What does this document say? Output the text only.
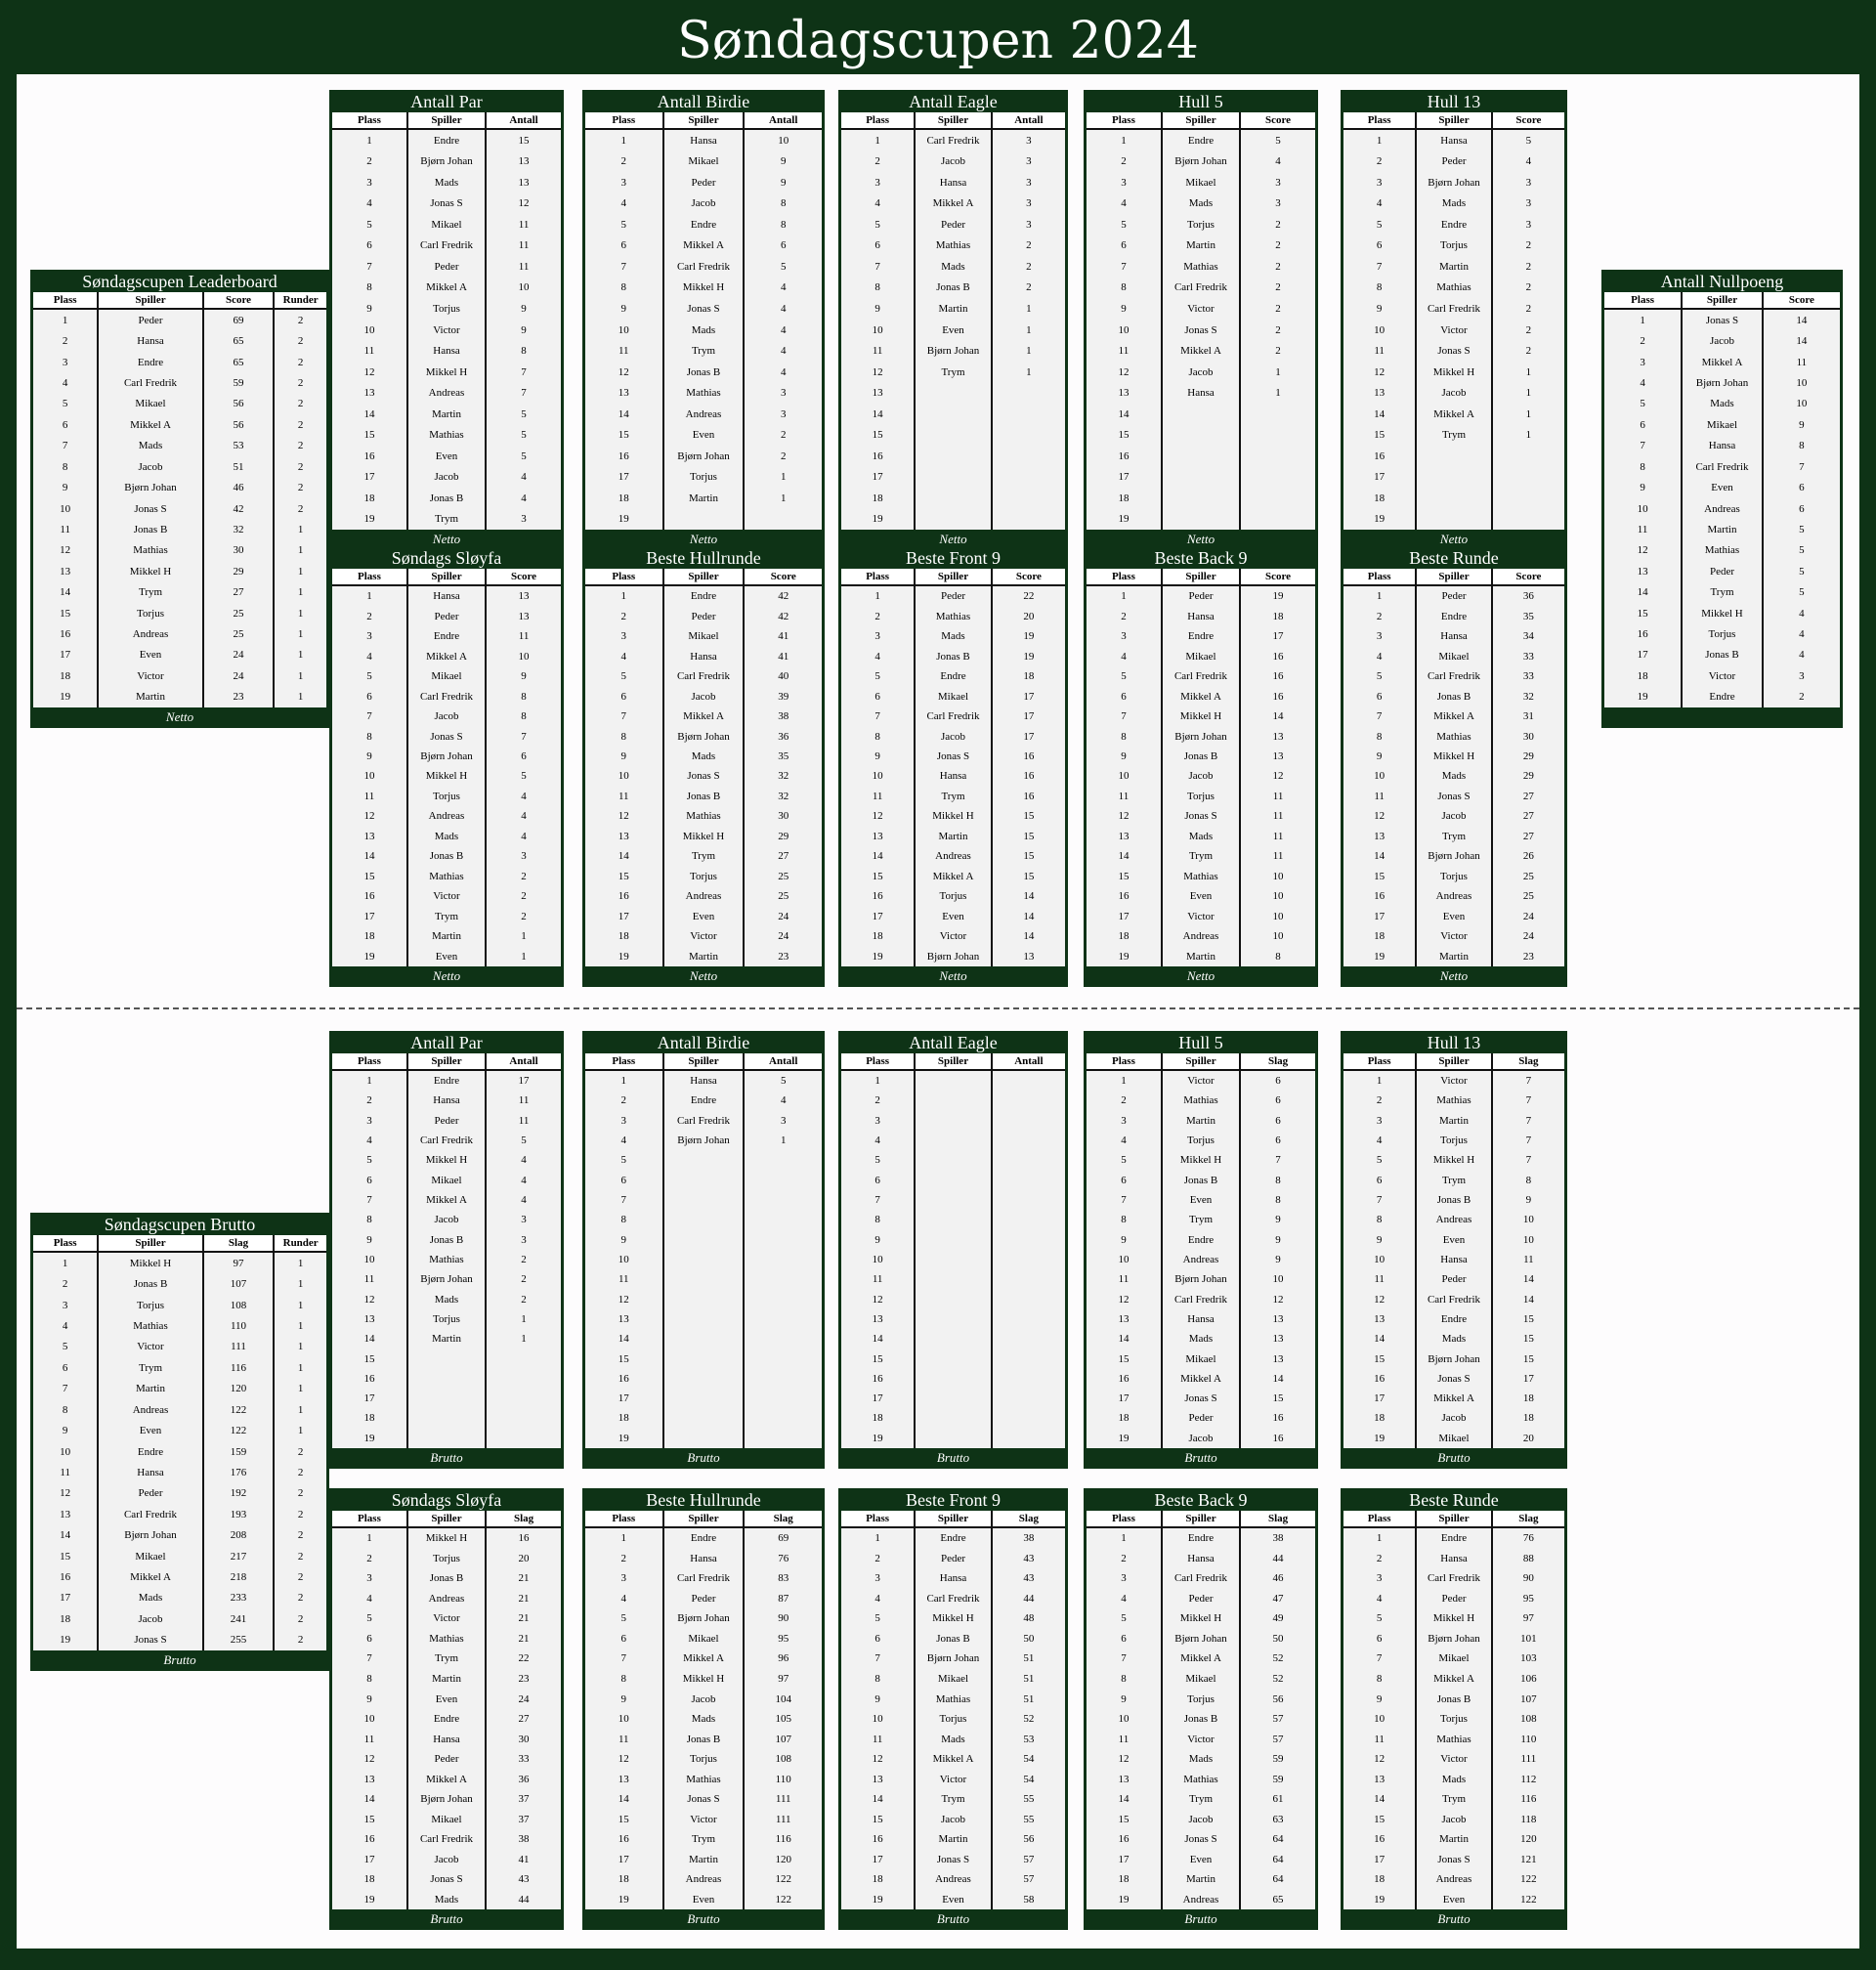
Søndagscupen 2024
Søndagscupen Leaderboard
Plass	Spiller	Score	Runder
1	Peder	69	2
2	Hansa	65	2
3	Endre	65	2
4	Carl Fredrik	59	2
5	Mikael	56	2
6	Mikkel A	56	2
7	Mads	53	2
8	Jacob	51	2
9	Bjørn Johan	46	2
10	Jonas S	42	2
11	Jonas B	32	1
12	Mathias	30	1
13	Mikkel H	29	1
14	Trym	27	1
15	Torjus	25	1
16	Andreas	25	1
17	Even	24	1
18	Victor	24	1
19	Martin	23	1
Netto
Antall Nullpoeng
Plass	Spiller	Score
1	Jonas S	14
2	Jacob	14
3	Mikkel A	11
4	Bjørn Johan	10
5	Mads	10
6	Mikael	9
7	Hansa	8
8	Carl Fredrik	7
9	Even	6
10	Andreas	6
11	Martin	5
12	Mathias	5
13	Peder	5
14	Trym	5
15	Mikkel H	4
16	Torjus	4
17	Jonas B	4
18	Victor	3
19	Endre	2
Antall Par
Plass	Spiller	Antall
1	Endre	15
2	Bjørn Johan	13
3	Mads	13
4	Jonas S	12
5	Mikael	11
6	Carl Fredrik	11
7	Peder	11
8	Mikkel A	10
9	Torjus	9
10	Victor	9
11	Hansa	8
12	Mikkel H	7
13	Andreas	7
14	Martin	5
15	Mathias	5
16	Even	5
17	Jacob	4
18	Jonas B	4
19	Trym	3
Netto
Antall Birdie
Plass	Spiller	Antall
1	Hansa	10
2	Mikael	9
3	Peder	9
4	Jacob	8
5	Endre	8
6	Mikkel A	6
7	Carl Fredrik	5
8	Mikkel H	4
9	Jonas S	4
10	Mads	4
11	Trym	4
12	Jonas B	4
13	Mathias	3
14	Andreas	3
15	Even	2
16	Bjørn Johan	2
17	Torjus	1
18	Martin	1
19
Netto
Antall Eagle
Plass	Spiller	Antall
1	Carl Fredrik	3
2	Jacob	3
3	Hansa	3
4	Mikkel A	3
5	Peder	3
6	Mathias	2
7	Mads	2
8	Jonas B	2
9	Martin	1
10	Even	1
11	Bjørn Johan	1
12	Trym	1
13
14
15
16
17
18
19
Netto
Hull 5
Plass	Spiller	Score
1	Endre	5
2	Bjørn Johan	4
3	Mikael	3
4	Mads	3
5	Torjus	2
6	Martin	2
7	Mathias	2
8	Carl Fredrik	2
9	Victor	2
10	Jonas S	2
11	Mikkel A	2
12	Jacob	1
13	Hansa	1
14
15
16
17
18
19
Netto
Hull 13
Plass	Spiller	Score
1	Hansa	5
2	Peder	4
3	Bjørn Johan	3
4	Mads	3
5	Endre	3
6	Torjus	2
7	Martin	2
8	Mathias	2
9	Carl Fredrik	2
10	Victor	2
11	Jonas S	2
12	Mikkel H	1
13	Jacob	1
14	Mikkel A	1
15	Trym	1
16
17
18
19
Netto
Søndags Sløyfa
Plass	Spiller	Score
1	Hansa	13
2	Peder	13
3	Endre	11
4	Mikkel A	10
5	Mikael	9
6	Carl Fredrik	8
7	Jacob	8
8	Jonas S	7
9	Bjørn Johan	6
10	Mikkel H	5
11	Torjus	4
12	Andreas	4
13	Mads	4
14	Jonas B	3
15	Mathias	2
16	Victor	2
17	Trym	2
18	Martin	1
19	Even	1
Netto
Beste Hullrunde
Plass	Spiller	Score
1	Endre	42
2	Peder	42
3	Mikael	41
4	Hansa	41
5	Carl Fredrik	40
6	Jacob	39
7	Mikkel A	38
8	Bjørn Johan	36
9	Mads	35
10	Jonas S	32
11	Jonas B	32
12	Mathias	30
13	Mikkel H	29
14	Trym	27
15	Torjus	25
16	Andreas	25
17	Even	24
18	Victor	24
19	Martin	23
Netto
Beste Front 9
Plass	Spiller	Score
1	Peder	22
2	Mathias	20
3	Mads	19
4	Jonas B	19
5	Endre	18
6	Mikael	17
7	Carl Fredrik	17
8	Jacob	17
9	Jonas S	16
10	Hansa	16
11	Trym	16
12	Mikkel H	15
13	Martin	15
14	Andreas	15
15	Mikkel A	15
16	Torjus	14
17	Even	14
18	Victor	14
19	Bjørn Johan	13
Netto
Beste Back 9
Plass	Spiller	Score
1	Peder	19
2	Hansa	18
3	Endre	17
4	Mikael	16
5	Carl Fredrik	16
6	Mikkel A	16
7	Mikkel H	14
8	Bjørn Johan	13
9	Jonas B	13
10	Jacob	12
11	Torjus	11
12	Jonas S	11
13	Mads	11
14	Trym	11
15	Mathias	10
16	Even	10
17	Victor	10
18	Andreas	10
19	Martin	8
Netto
Beste Runde
Plass	Spiller	Score
1	Peder	36
2	Endre	35
3	Hansa	34
4	Mikael	33
5	Carl Fredrik	33
6	Jonas B	32
7	Mikkel A	31
8	Mathias	30
9	Mikkel H	29
10	Mads	29
11	Jonas S	27
12	Jacob	27
13	Trym	27
14	Bjørn Johan	26
15	Torjus	25
16	Andreas	25
17	Even	24
18	Victor	24
19	Martin	23
Netto
Søndagscupen Brutto
Plass	Spiller	Slag	Runder
1	Mikkel H	97	1
2	Jonas B	107	1
3	Torjus	108	1
4	Mathias	110	1
5	Victor	111	1
6	Trym	116	1
7	Martin	120	1
8	Andreas	122	1
9	Even	122	1
10	Endre	159	2
11	Hansa	176	2
12	Peder	192	2
13	Carl Fredrik	193	2
14	Bjørn Johan	208	2
15	Mikael	217	2
16	Mikkel A	218	2
17	Mads	233	2
18	Jacob	241	2
19	Jonas S	255	2
Brutto
Antall Par
Plass	Spiller	Antall
1	Endre	17
2	Hansa	11
3	Peder	11
4	Carl Fredrik	5
5	Mikkel H	4
6	Mikael	4
7	Mikkel A	4
8	Jacob	3
9	Jonas B	3
10	Mathias	2
11	Bjørn Johan	2
12	Mads	2
13	Torjus	1
14	Martin	1
15
16
17
18
19
Brutto
Antall Birdie
Plass	Spiller	Antall
1	Hansa	5
2	Endre	4
3	Carl Fredrik	3
4	Bjørn Johan	1
5
6
7
8
9
10
11
12
13
14
15
16
17
18
19
Brutto
Antall Eagle
Plass	Spiller	Antall
1
2
3
4
5
6
7
8
9
10
11
12
13
14
15
16
17
18
19
Brutto
Hull 5
Plass	Spiller	Slag
1	Victor	6
2	Mathias	6
3	Martin	6
4	Torjus	6
5	Mikkel H	7
6	Jonas B	8
7	Even	8
8	Trym	9
9	Endre	9
10	Andreas	9
11	Bjørn Johan	10
12	Carl Fredrik	12
13	Hansa	13
14	Mads	13
15	Mikael	13
16	Mikkel A	14
17	Jonas S	15
18	Peder	16
19	Jacob	16
Brutto
Hull 13
Plass	Spiller	Slag
1	Victor	7
2	Mathias	7
3	Martin	7
4	Torjus	7
5	Mikkel H	7
6	Trym	8
7	Jonas B	9
8	Andreas	10
9	Even	10
10	Hansa	11
11	Peder	14
12	Carl Fredrik	14
13	Endre	15
14	Mads	15
15	Bjørn Johan	15
16	Jonas S	17
17	Mikkel A	18
18	Jacob	18
19	Mikael	20
Brutto
Søndags Sløyfa
Plass	Spiller	Slag
1	Mikkel H	16
2	Torjus	20
3	Jonas B	21
4	Andreas	21
5	Victor	21
6	Mathias	21
7	Trym	22
8	Martin	23
9	Even	24
10	Endre	27
11	Hansa	30
12	Peder	33
13	Mikkel A	36
14	Bjørn Johan	37
15	Mikael	37
16	Carl Fredrik	38
17	Jacob	41
18	Jonas S	43
19	Mads	44
Brutto
Beste Hullrunde
Plass	Spiller	Slag
1	Endre	69
2	Hansa	76
3	Carl Fredrik	83
4	Peder	87
5	Bjørn Johan	90
6	Mikael	95
7	Mikkel A	96
8	Mikkel H	97
9	Jacob	104
10	Mads	105
11	Jonas B	107
12	Torjus	108
13	Mathias	110
14	Jonas S	111
15	Victor	111
16	Trym	116
17	Martin	120
18	Andreas	122
19	Even	122
Brutto
Beste Front 9
Plass	Spiller	Slag
1	Endre	38
2	Peder	43
3	Hansa	43
4	Carl Fredrik	44
5	Mikkel H	48
6	Jonas B	50
7	Bjørn Johan	51
8	Mikael	51
9	Mathias	51
10	Torjus	52
11	Mads	53
12	Mikkel A	54
13	Victor	54
14	Trym	55
15	Jacob	55
16	Martin	56
17	Jonas S	57
18	Andreas	57
19	Even	58
Brutto
Beste Back 9
Plass	Spiller	Slag
1	Endre	38
2	Hansa	44
3	Carl Fredrik	46
4	Peder	47
5	Mikkel H	49
6	Bjørn Johan	50
7	Mikkel A	52
8	Mikael	52
9	Torjus	56
10	Jonas B	57
11	Victor	57
12	Mads	59
13	Mathias	59
14	Trym	61
15	Jacob	63
16	Jonas S	64
17	Even	64
18	Martin	64
19	Andreas	65
Brutto
Beste Runde
Plass	Spiller	Slag
1	Endre	76
2	Hansa	88
3	Carl Fredrik	90
4	Peder	95
5	Mikkel H	97
6	Bjørn Johan	101
7	Mikael	103
8	Mikkel A	106
9	Jonas B	107
10	Torjus	108
11	Mathias	110
12	Victor	111
13	Mads	112
14	Trym	116
15	Jacob	118
16	Martin	120
17	Jonas S	121
18	Andreas	122
19	Even	122
Brutto
